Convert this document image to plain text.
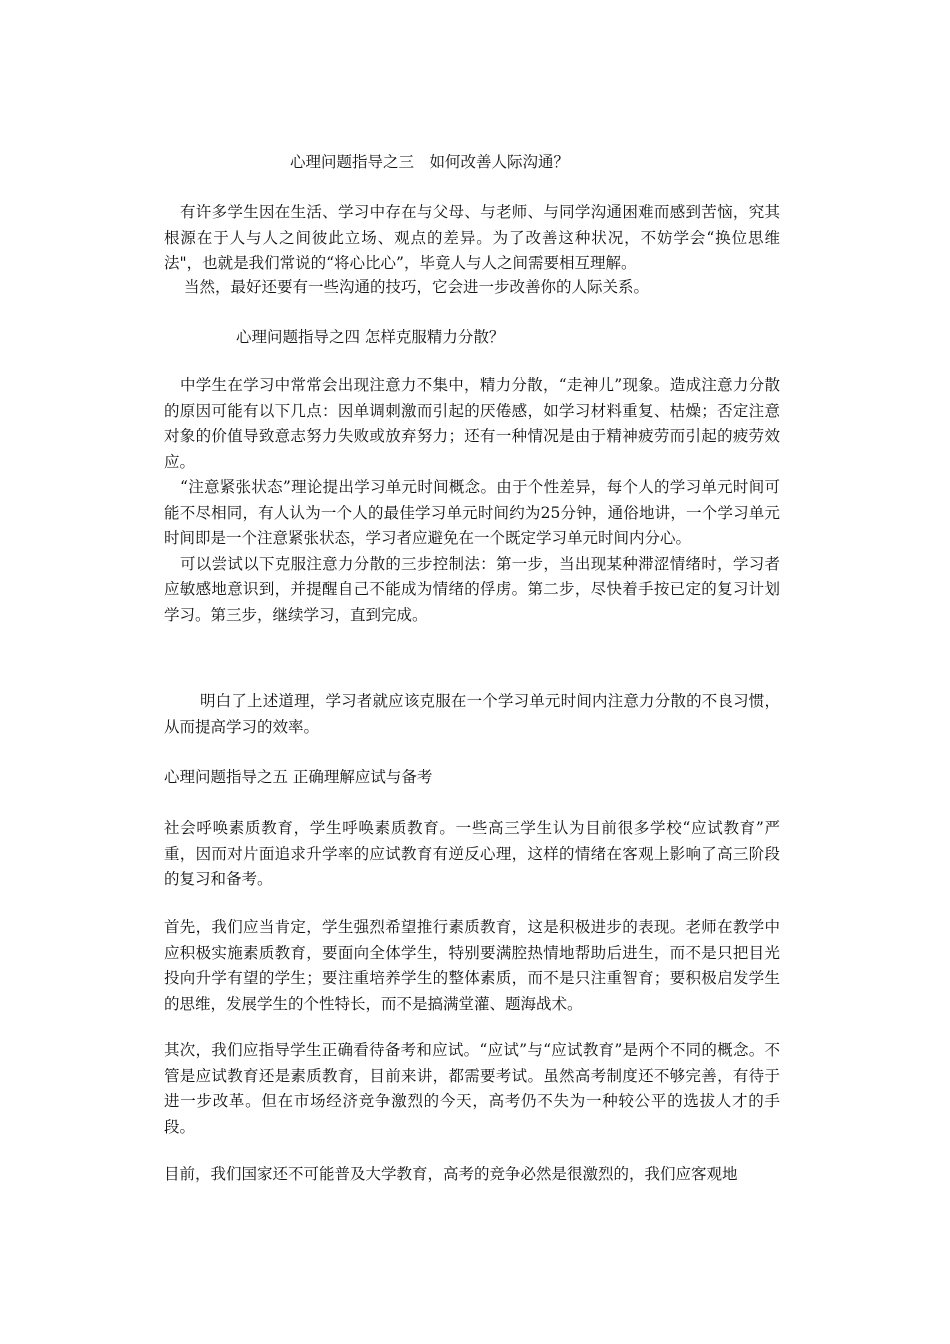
心理问题指导之三　如何改善人际沟通？

有许多学生因在生活、学习中存在与父母、与老师、与同学沟通困难而感到苦恼，究其根源在于人与人之间彼此立场、观点的差异。为了改善这种状况，不妨学会“换位思维法"，也就是我们常说的“将心比心”，毕竟人与人之间需要相互理解。

当然，最好还要有一些沟通的技巧，它会进一步改善你的人际关系。

心理问题指导之四 怎样克服精力分散？

中学生在学习中常常会出现注意力不集中，精力分散，“走神儿”现象。造成注意力分散的原因可能有以下几点：因单调刺激而引起的厌倦感，如学习材料重复、枯燥；否定注意对象的价值导致意志努力失败或放弃努力；还有一种情况是由于精神疲劳而引起的疲劳效应。

“注意紧张状态”理论提出学习单元时间概念。由于个性差异，每个人的学习单元时间可能不尽相同，有人认为一个人的最佳学习单元时间约为25分钟，通俗地讲，一个学习单元时间即是一个注意紧张状态，学习者应避免在一个既定学习单元时间内分心。

可以尝试以下克服注意力分散的三步控制法：第一步，当出现某种滞涩情绪时，学习者应敏感地意识到，并提醒自己不能成为情绪的俘虏。第二步，尽快着手按已定的复习计划学习。第三步，继续学习，直到完成。

明白了上述道理，学习者就应该克服在一个学习单元时间内注意力分散的不良习惯，从而提高学习的效率。

心理问题指导之五 正确理解应试与备考

社会呼唤素质教育，学生呼唤素质教育。一些高三学生认为目前很多学校“应试教育”严重，因而对片面追求升学率的应试教育有逆反心理，这样的情绪在客观上影响了高三阶段的复习和备考。

首先，我们应当肯定，学生强烈希望推行素质教育，这是积极进步的表现。老师在教学中应积极实施素质教育，要面向全体学生，特别要满腔热情地帮助后进生，而不是只把目光投向升学有望的学生；要注重培养学生的整体素质，而不是只注重智育；要积极启发学生的思维，发展学生的个性特长，而不是搞满堂灌、题海战术。

其次，我们应指导学生正确看待备考和应试。“应试”与“应试教育”是两个不同的概念。不管是应试教育还是素质教育，目前来讲，都需要考试。虽然高考制度还不够完善，有待于进一步改革。但在市场经济竞争激烈的今天，高考仍不失为一种较公平的选拔人才的手段。

目前，我们国家还不可能普及大学教育，高考的竞争必然是很激烈的，我们应客观地
